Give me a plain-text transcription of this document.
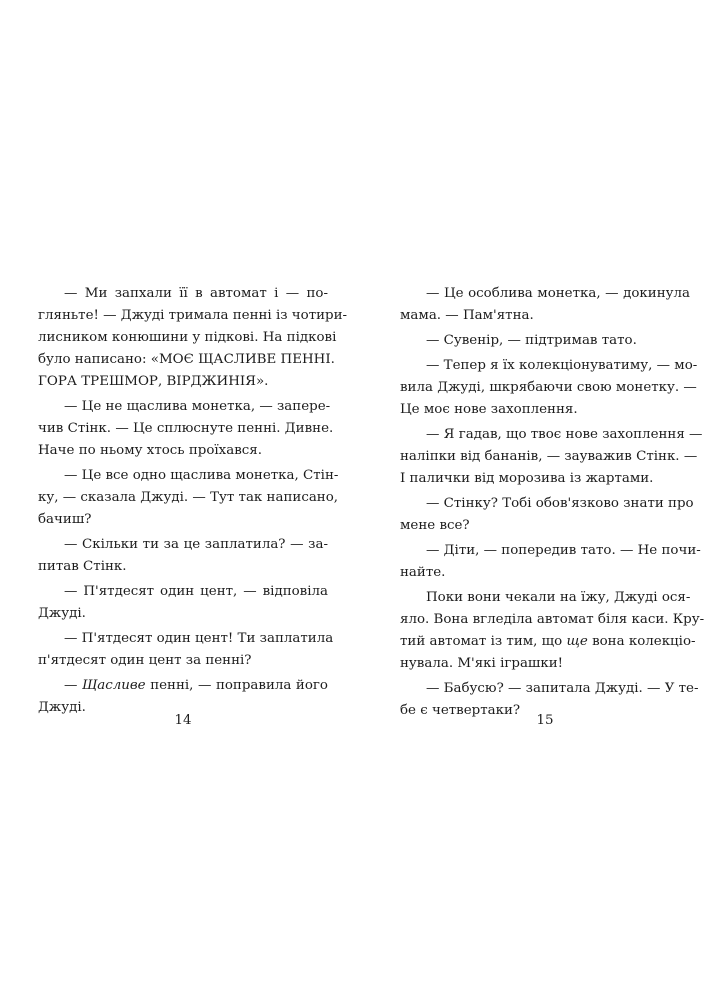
— Ми запхали її в автомат і — по-
гляньте! — Джуді тримала пенні із чотири-
лисником конюшини у підкові. На підкові
було написано: «МОЄ ЩАСЛИВЕ ПЕННІ.
ГОРА ТРЕШМОР, ВІРДЖИНІЯ».
— Це не щаслива монетка, — запере-
чив Стінк. — Це сплюснуте пенні. Дивне.
Наче по ньому хтось проїхався.
— Це все одно щаслива монетка, Стін-
ку, — сказала Джуді. — Тут так написано,
бачиш?
— Скільки ти за це заплатила? — за-
питав Стінк.
— П'ятдесят один цент, — відповіла
Джуді.
— П'ятдесят один цент! Ти заплатила
п'ятдесят один цент за пенні?
— Щасливе пенні, — поправила його
Джуді.
14
— Це особлива монетка, — докинула
мама. — Пам'ятна.
— Сувенір, — підтримав тато.
— Тепер я їх колекціонуватиму, — мо-
вила Джуді, шкрябаючи свою монетку. —
Це моє нове захоплення.
— Я гадав, що твоє нове захоплення —
наліпки від бананів, — зауважив Стінк. —
І палички від морозива із жартами.
— Стінку? Тобі обов'язково знати про
мене все?
— Діти, — попередив тато. — Не почи-
найте.
Поки вони чекали на їжу, Джуді ося-
яло. Вона вгледіла автомат біля каси. Кру-
тий автомат із тим, що ще вона колекціо-
нувала. М'які іграшки!
— Бабусю? — запитала Джуді. — У те-
бе є четвертаки?
15
